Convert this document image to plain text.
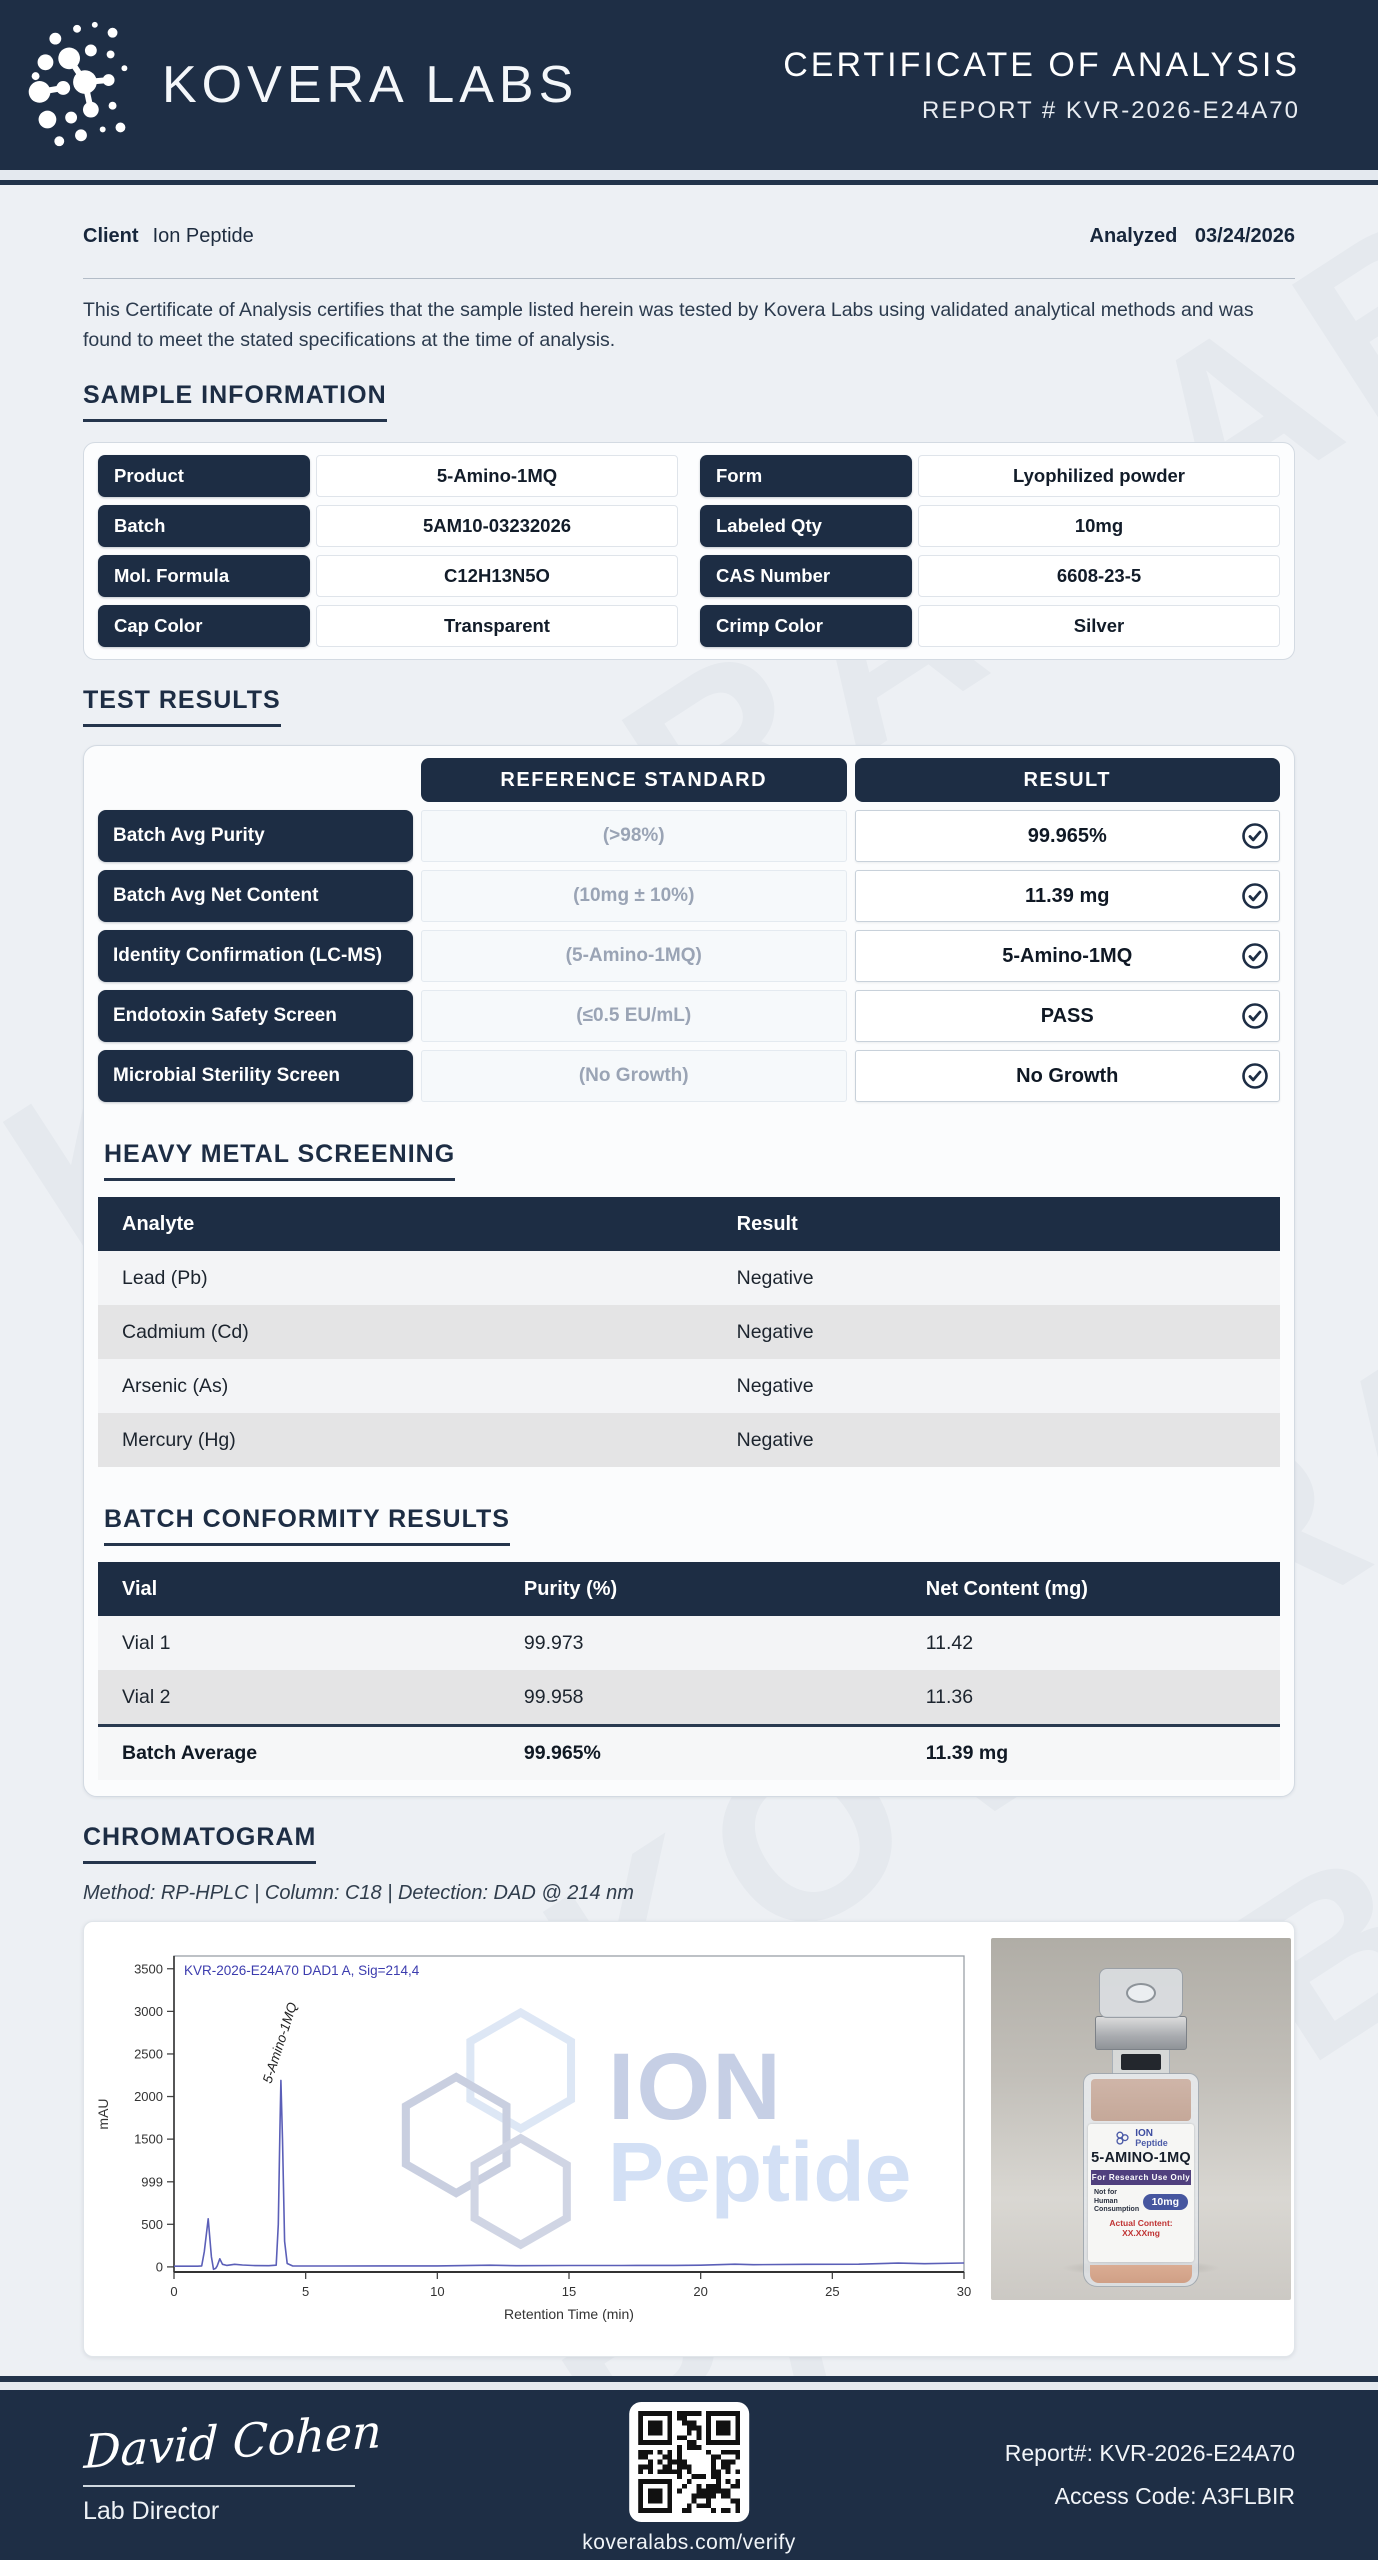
KOVERA LABS	CERTIFICATE OF ANALYSIS
REPORT # KVR-2026-E24A70
Client Ion Peptide	Analyzed 03/24/2026

This Certificate of Analysis certifies that the sample listed herein was tested by Kovera Labs using validated analytical methods and was found to meet the stated specifications at the time of analysis.

SAMPLE INFORMATION
Product	5-Amino-1MQ	Form	Lyophilized powder
Batch	5AM10-03232026	Labeled Qty	10mg
Mol. Formula	C12H13N5O	CAS Number	6608-23-5
Cap Color	Transparent	Crimp Color	Silver
TEST RESULTS
REFERENCE STANDARD	RESULT
Batch Avg Purity	(>98%)	99.965%
Batch Avg Net Content	(10mg ± 10%)	11.39 mg
Identity Confirmation (LC-MS)	(5-Amino-1MQ)	5-Amino-1MQ
Endotoxin Safety Screen	(≤0.5 EU/mL)	PASS
Microbial Sterility Screen	(No Growth)	No Growth
HEAVY METAL SCREENING
Analyte	Result
Lead (Pb)	Negative
Cadmium (Cd)	Negative
Arsenic (As)	Negative
Mercury (Hg)	Negative
BATCH CONFORMITY RESULTS
Vial	Purity (%)	Net Content (mg)
Vial 1	99.973	11.42
Vial 2	99.958	11.36
Batch Average	99.965%	11.39 mg
CHROMATOGRAM
Method: RP-HPLC | Column: C18 | Detection: DAD @ 214 nm
ION
Peptide
0
500
999
1500
2000
2500
3000
3500
0	5	10	15	20	25	30
Retention Time (min)
mAU
KVR-2026-E24A70 DAD1 A, Sig=214,4
5-Amino-1MQ
ION
Peptide
5-AMINO-1MQ
For Research Use Only
Not for Human Consumption
10mg
Actual Content: XX.XXmg
David Cohen
Lab Director
koveralabs.com/verify
Report#: KVR-2026-E24A70
Access Code: A3FLBIR
